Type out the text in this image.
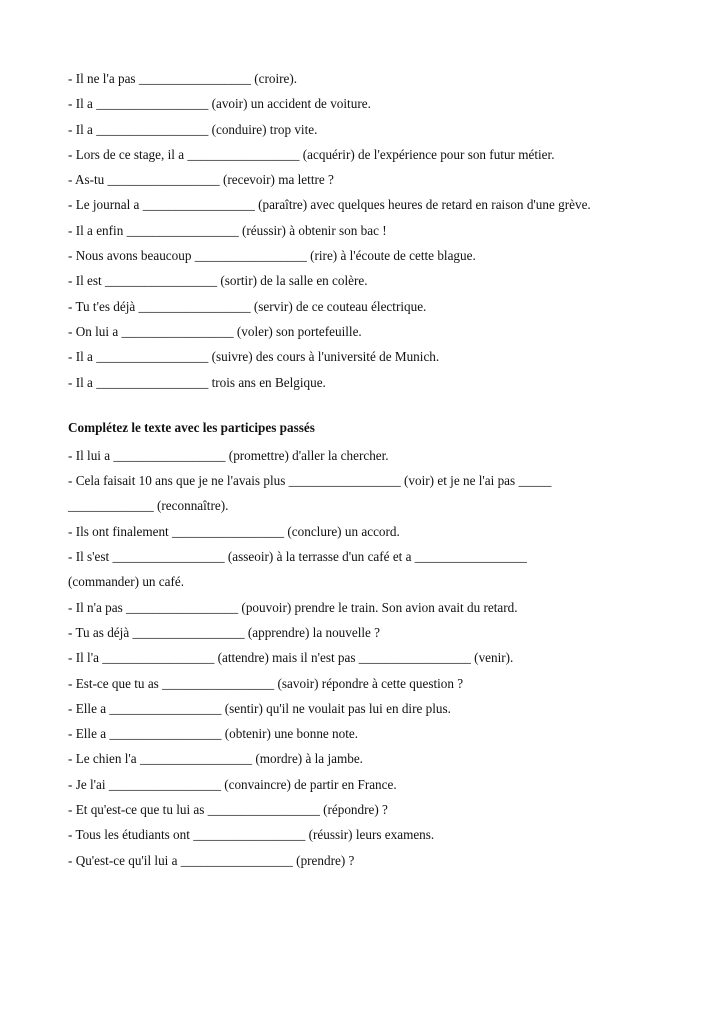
- Il ne l'a pas _________________ (croire).
- Il a _________________ (avoir) un accident de voiture.
- Il a _________________ (conduire) trop vite.
- Lors de ce stage, il a _________________ (acquérir) de l'expérience pour son futur métier.
- As-tu _________________ (recevoir) ma lettre ?
- Le journal a _________________ (paraître) avec quelques heures de retard en raison d'une grève.
- Il a enfin _________________ (réussir) à obtenir son bac !
- Nous avons beaucoup _________________ (rire) à l'écoute de cette blague.
- Il est _________________ (sortir) de la salle en colère.
- Tu t'es déjà _________________ (servir) de ce couteau électrique.
- On lui a _________________ (voler) son portefeuille.
- Il a _________________ (suivre) des cours à l'université de Munich.
- Il a _________________ trois ans en Belgique.
Complétez le texte avec les participes passés
- Il lui a _________________ (promettre) d'aller la chercher.
- Cela faisait 10 ans que je ne l'avais plus _________________ (voir) et je ne l'ai pas _____
_____________ (reconnaître).
- Ils ont finalement _________________ (conclure) un accord.
- Il s'est _________________ (asseoir) à la terrasse d'un café et a _________________
(commander) un café.
- Il n'a pas _________________ (pouvoir) prendre le train. Son avion avait du retard.
- Tu as déjà _________________ (apprendre) la nouvelle ?
- Il l'a _________________ (attendre) mais il n'est pas _________________ (venir).
- Est-ce que tu as _________________ (savoir) répondre à cette question ?
- Elle a _________________ (sentir) qu'il ne voulait pas lui en dire plus.
- Elle a _________________ (obtenir) une bonne note.
- Le chien l'a _________________ (mordre) à la jambe.
- Je l'ai _________________ (convaincre) de partir en France.
- Et qu'est-ce que tu lui as _________________ (répondre) ?
- Tous les étudiants ont _________________ (réussir) leurs examens.
- Qu'est-ce qu'il lui a _________________ (prendre) ?
